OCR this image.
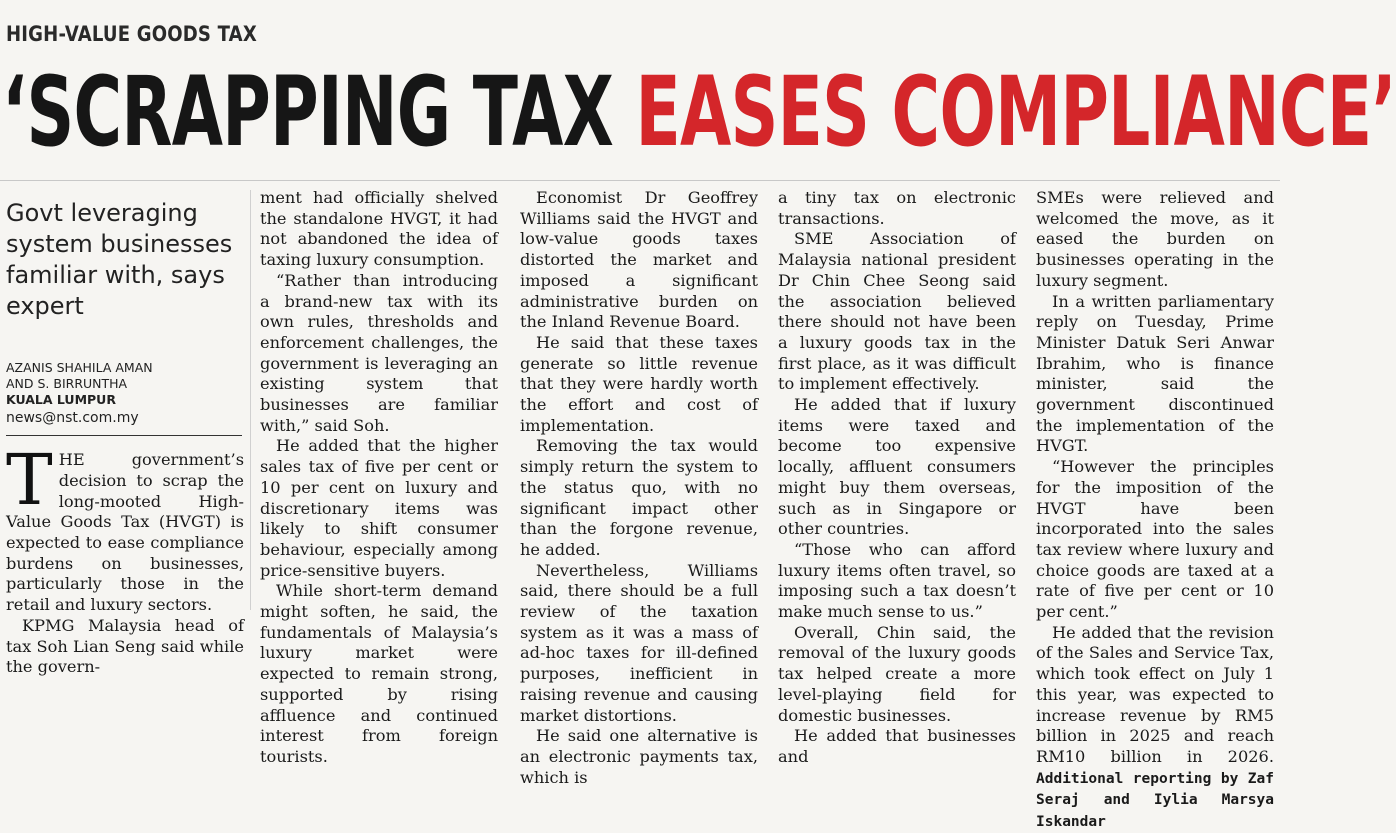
HIGH-VALUE GOODS TAX
‘SCRAPPING TAX EASES COMPLIANCE’
Govt leveraging system businesses familiar with, says expert
AZANIS SHAHILA AMAN
AND S. BIRRUNTHA
KUALA LUMPUR
news@nst.com.my

THE government’s decision to scrap the long-mooted High-Value Goods Tax (HVGT) is expected to ease compliance burdens on businesses, particularly those in the retail and luxury sectors.

KPMG Malaysia head of tax Soh Lian Seng said while the govern-

ment had officially shelved the standalone HVGT, it had not abandoned the idea of taxing luxury consumption.

“Rather than introducing a brand-new tax with its own rules, thresholds and enforcement challenges, the government is leveraging an existing system that businesses are familiar with,” said Soh.

He added that the higher sales tax of five per cent or 10 per cent on luxury and discretionary items was likely to shift consumer behaviour, especially among price-sensitive buyers.

While short-term demand might soften, he said, the fundamentals of Malaysia’s luxury market were expected to remain strong, supported by rising affluence and continued interest from foreign tourists.

Economist Dr Geoffrey Williams said the HVGT and low-value goods taxes distorted the market and imposed a significant administrative burden on the Inland Revenue Board.

He said that these taxes generate so little revenue that they were hardly worth the effort and cost of implementation.

Removing the tax would simply return the system to the status quo, with no significant impact other than the forgone revenue, he added.

Nevertheless, Williams said, there should be a full review of the taxation system as it was a mass of ad-hoc taxes for ill-defined purposes, inefficient in raising revenue and causing market distortions.

He said one alternative is an electronic payments tax, which is

a tiny tax on electronic transactions.

SME Association of Malaysia national president Dr Chin Chee Seong said the association believed there should not have been a luxury goods tax in the first place, as it was difficult to implement effectively.

He added that if luxury items were taxed and become too expensive locally, affluent consumers might buy them overseas, such as in Singapore or other countries.

“Those who can afford luxury items often travel, so imposing such a tax doesn’t make much sense to us.”

Overall, Chin said, the removal of the luxury goods tax helped create a more level-playing field for domestic businesses.

He added that businesses and

SMEs were relieved and welcomed the move, as it eased the burden on businesses operating in the luxury segment.

In a written parliamentary reply on Tuesday, Prime Minister Datuk Seri Anwar Ibrahim, who is finance minister, said the government discontinued the implementation of the HVGT.

“However the principles for the imposition of the HVGT have been incorporated into the sales tax review where luxury and choice goods are taxed at a rate of five per cent or 10 per cent.”

He added that the revision of the Sales and Service Tax, which took effect on July 1 this year, was expected to increase revenue by RM5 billion in 2025 and reach RM10 billion in 2026. Additional reporting by Zaf Seraj and Iylia Marsya Iskandar
